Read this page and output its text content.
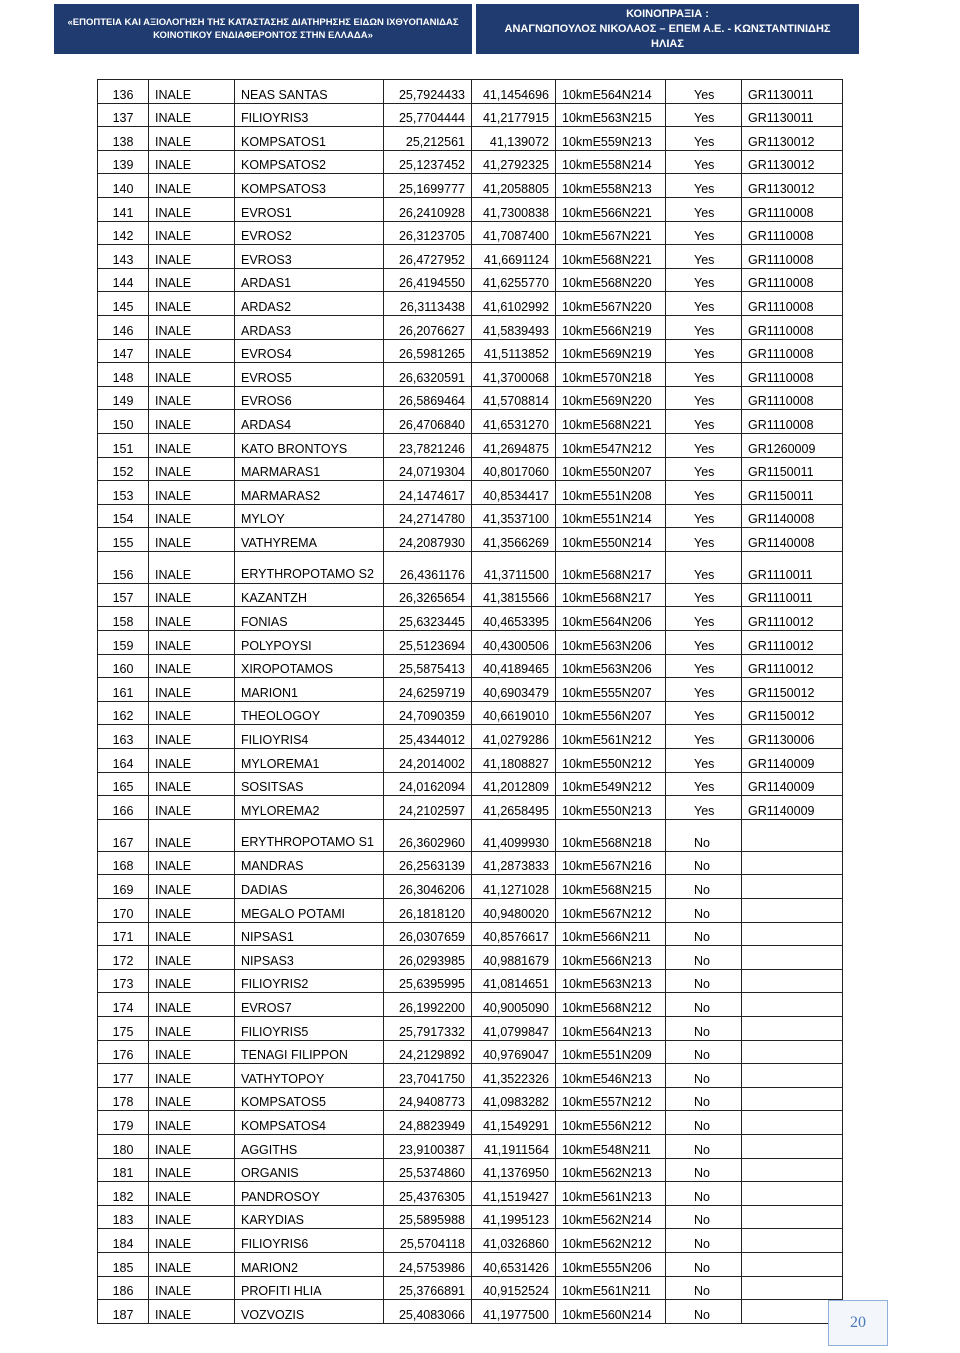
«ΕΠΟΠΤΕΙΑ ΚΑΙ ΑΞΙΟΛΟΓΗΣΗ ΤΗΣ ΚΑΤΑΣΤΑΣΗΣ ΔΙΑΤΗΡΗΣΗΣ ΕΙΔΩΝ ΙΧΘΥΟΠΑΝΙΔΑΣ
ΚΟΙΝΟΤΙΚΟΥ ΕΝΔΙΑΦΕΡΟΝΤΟΣ ΣΤΗΝ ΕΛΛΑΔΑ»
ΚΟΙΝΟΠΡΑΞΙΑ :
ΑΝΑΓΝΩΠΟΥΛΟΣ ΝΙΚΟΛΑΟΣ – ΕΠΕΜ Α.Ε. - ΚΩΝΣΤΑΝΤΙΝΙΔΗΣ
ΗΛΙΑΣ
136	INALE	NEAS SANTAS	25,7924433	41,1454696	10kmE564N214	Yes	GR1130011
137	INALE	FILIOYRIS3	25,7704444	41,2177915	10kmE563N215	Yes	GR1130011
138	INALE	KOMPSATOS1	25,212561	41,139072	10kmE559N213	Yes	GR1130012
139	INALE	KOMPSATOS2	25,1237452	41,2792325	10kmE558N214	Yes	GR1130012
140	INALE	KOMPSATOS3	25,1699777	41,2058805	10kmE558N213	Yes	GR1130012
141	INALE	EVROS1	26,2410928	41,7300838	10kmE566N221	Yes	GR1110008
142	INALE	EVROS2	26,3123705	41,7087400	10kmE567N221	Yes	GR1110008
143	INALE	EVROS3	26,4727952	41,6691124	10kmE568N221	Yes	GR1110008
144	INALE	ARDAS1	26,4194550	41,6255770	10kmE568N220	Yes	GR1110008
145	INALE	ARDAS2	26,3113438	41,6102992	10kmE567N220	Yes	GR1110008
146	INALE	ARDAS3	26,2076627	41,5839493	10kmE566N219	Yes	GR1110008
147	INALE	EVROS4	26,5981265	41,5113852	10kmE569N219	Yes	GR1110008
148	INALE	EVROS5	26,6320591	41,3700068	10kmE570N218	Yes	GR1110008
149	INALE	EVROS6	26,5869464	41,5708814	10kmE569N220	Yes	GR1110008
150	INALE	ARDAS4	26,4706840	41,6531270	10kmE568N221	Yes	GR1110008
151	INALE	KATO BRONTOYS	23,7821246	41,2694875	10kmE547N212	Yes	GR1260009
152	INALE	MARMARAS1	24,0719304	40,8017060	10kmE550N207	Yes	GR1150011
153	INALE	MARMARAS2	24,1474617	40,8534417	10kmE551N208	Yes	GR1150011
154	INALE	MYLOY	24,2714780	41,3537100	10kmE551N214	Yes	GR1140008
155	INALE	VATHYREMA	24,2087930	41,3566269	10kmE550N214	Yes	GR1140008
156	INALE	ERYTHROPOTAMO S2	26,4361176	41,3711500	10kmE568N217	Yes	GR1110011
157	INALE	KAZANTZH	26,3265654	41,3815566	10kmE568N217	Yes	GR1110011
158	INALE	FONIAS	25,6323445	40,4653395	10kmE564N206	Yes	GR1110012
159	INALE	POLYPOYSI	25,5123694	40,4300506	10kmE563N206	Yes	GR1110012
160	INALE	XIROPOTAMOS	25,5875413	40,4189465	10kmE563N206	Yes	GR1110012
161	INALE	MARION1	24,6259719	40,6903479	10kmE555N207	Yes	GR1150012
162	INALE	THEOLOGOY	24,7090359	40,6619010	10kmE556N207	Yes	GR1150012
163	INALE	FILIOYRIS4	25,4344012	41,0279286	10kmE561N212	Yes	GR1130006
164	INALE	MYLOREMA1	24,2014002	41,1808827	10kmE550N212	Yes	GR1140009
165	INALE	SOSITSAS	24,0162094	41,2012809	10kmE549N212	Yes	GR1140009
166	INALE	MYLOREMA2	24,2102597	41,2658495	10kmE550N213	Yes	GR1140009
167	INALE	ERYTHROPOTAMO S1	26,3602960	41,4099930	10kmE568N218	No	
168	INALE	MANDRAS	26,2563139	41,2873833	10kmE567N216	No	
169	INALE	DADIAS	26,3046206	41,1271028	10kmE568N215	No	
170	INALE	MEGALO POTAMI	26,1818120	40,9480020	10kmE567N212	No	
171	INALE	NIPSAS1	26,0307659	40,8576617	10kmE566N211	No	
172	INALE	NIPSAS3	26,0293985	40,9881679	10kmE566N213	No	
173	INALE	FILIOYRIS2	25,6395995	41,0814651	10kmE563N213	No	
174	INALE	EVROS7	26,1992200	40,9005090	10kmE568N212	No	
175	INALE	FILIOYRIS5	25,7917332	41,0799847	10kmE564N213	No	
176	INALE	TENAGI FILIPPON	24,2129892	40,9769047	10kmE551N209	No	
177	INALE	VATHYTOPOY	23,7041750	41,3522326	10kmE546N213	No	
178	INALE	KOMPSATOS5	24,9408773	41,0983282	10kmE557N212	No	
179	INALE	KOMPSATOS4	24,8823949	41,1549291	10kmE556N212	No	
180	INALE	AGGITHS	23,9100387	41,1911564	10kmE548N211	No	
181	INALE	ORGANIS	25,5374860	41,1376950	10kmE562N213	No	
182	INALE	PANDROSOY	25,4376305	41,1519427	10kmE561N213	No	
183	INALE	KARYDIAS	25,5895988	41,1995123	10kmE562N214	No	
184	INALE	FILIOYRIS6	25,5704118	41,0326860	10kmE562N212	No	
185	INALE	MARION2	24,5753986	40,6531426	10kmE555N206	No	
186	INALE	PROFITI HLIA	25,3766891	40,9152524	10kmE561N211	No	
187	INALE	VOZVOZIS	25,4083066	41,1977500	10kmE560N214	No		20
